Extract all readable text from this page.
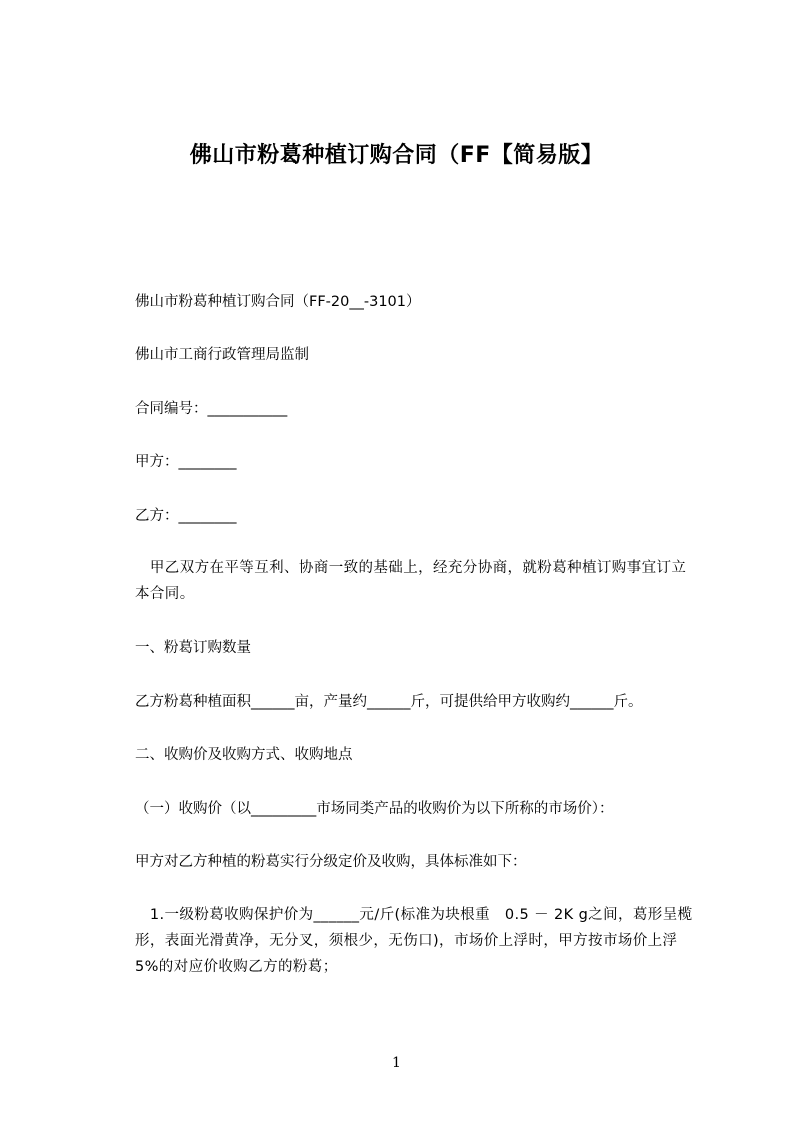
佛山市粉葛种植订购合同（FF【简易版】
佛山市粉葛种植订购合同（FF-20__-3101）
佛山市工商行政管理局监制
合同编号：___________
甲方：________
乙方：________
　甲乙双方在平等互利、协商一致的基础上，经充分协商，就粉葛种植订购事宜订立本合同。
一、粉葛订购数量
乙方粉葛种植面积______亩，产量约______斤，可提供给甲方收购约______斤。
二、收购价及收购方式、收购地点
（一）收购价（以_________市场同类产品的收购价为以下所称的市场价）：
甲方对乙方种植的粉葛实行分级定价及收购，具体标准如下：
　1.一级粉葛收购保护价为______元/斤(标准为块根重　0.5 － 2K g之间，葛形呈榄形，表面光滑黄净，无分叉，须根少，无伤口)，市场价上浮时，甲方按市场价上浮 5%的对应价收购乙方的粉葛；
1
